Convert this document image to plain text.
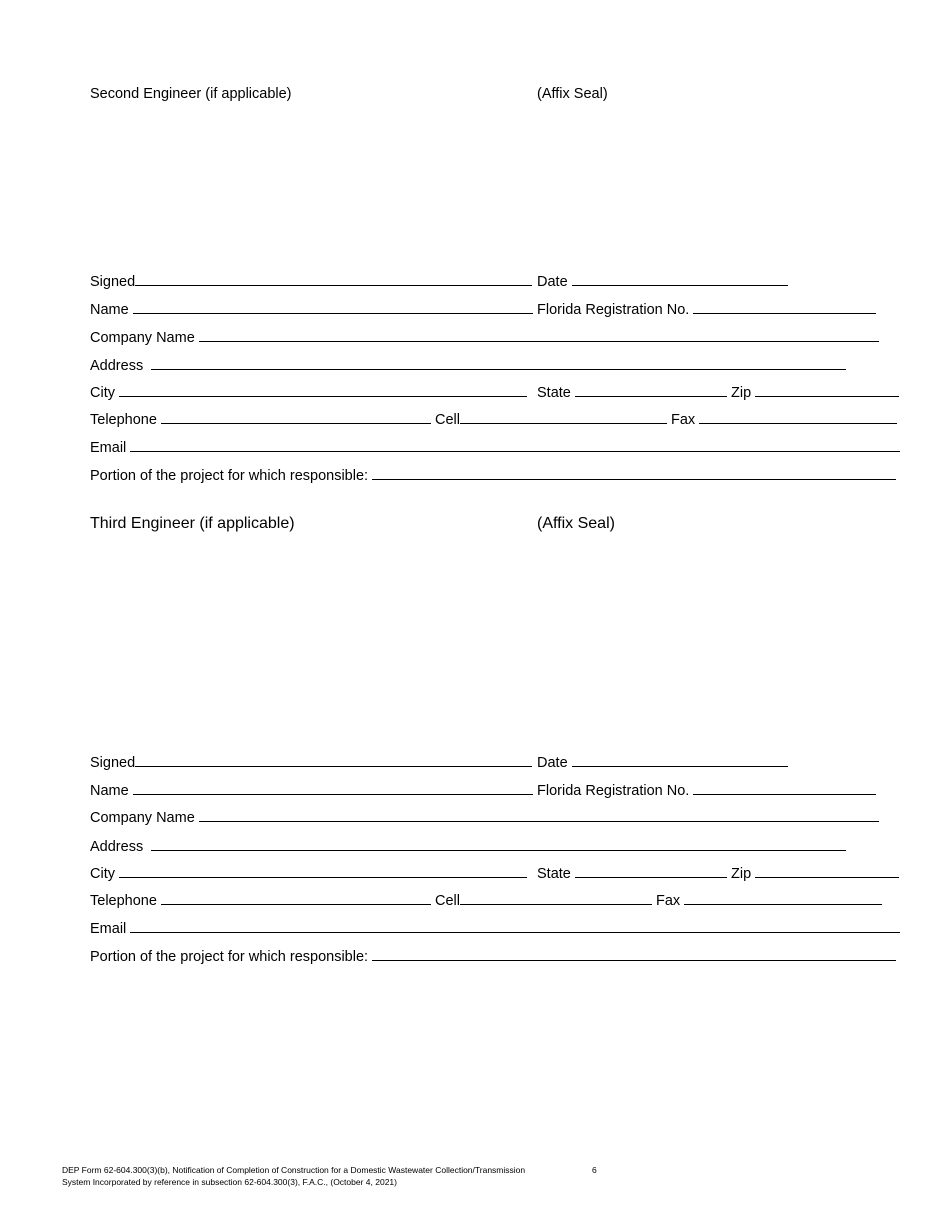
Second Engineer (if applicable)	(Affix Seal)
Signed	Date
Name	Florida Registration No.
Company Name
Address
City	State	Zip
Telephone	Cell	Fax
Email
Portion of the project for which responsible:
Third Engineer (if applicable)	(Affix Seal)
Signed	Date
Name	Florida Registration No.
Company Name
Address
City	State	Zip
Telephone	Cell	Fax
Email
Portion of the project for which responsible:
DEP Form 62-604.300(3)(b), Notification of Completion of Construction for a Domestic Wastewater Collection/Transmission
System Incorporated by reference in subsection 62-604.300(3), F.A.C., (October 4, 2021)
6
